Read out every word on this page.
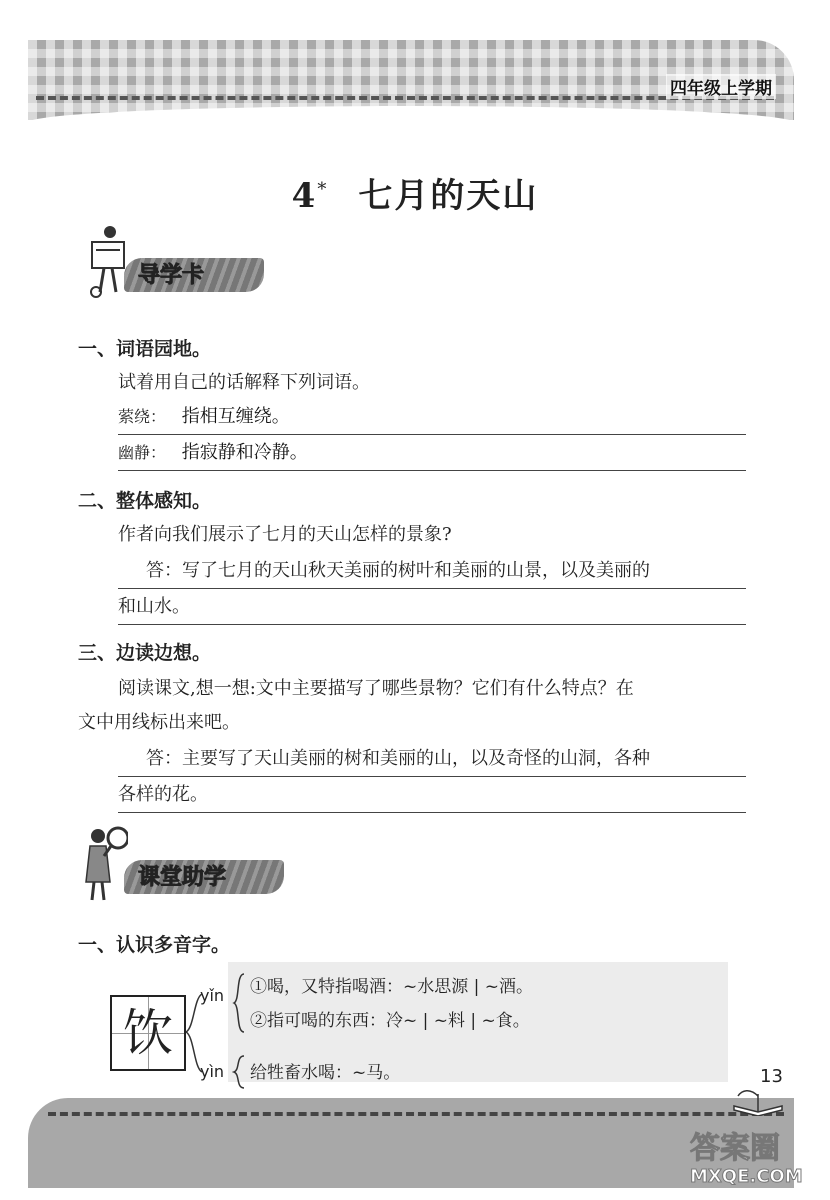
四年级上学期
4* 七月的天山
导学卡
一、词语园地。
试着用自己的话解释下列词语。
萦绕： 指相互缠绕。
幽静： 指寂静和冷静。
二、整体感知。
作者向我们展示了七月的天山怎样的景象?
答：写了七月的天山秋天美丽的树叶和美丽的山景，以及美丽的
和山水。
三、边读边想。
阅读课文,想一想:文中主要描写了哪些景物？它们有什么特点？在
文中用线标出来吧。
答：主要写了天山美丽的树和美丽的山，以及奇怪的山洞，各种
各样的花。
课堂助学
一、认识多音字。
饮
yǐn ①喝，又特指喝酒：~水思源 | ~酒。
②指可喝的东西：冷~ | ~料 | ~食。
yìn 给牲畜水喝：~马。	13
答案圈
MXQE.COM
